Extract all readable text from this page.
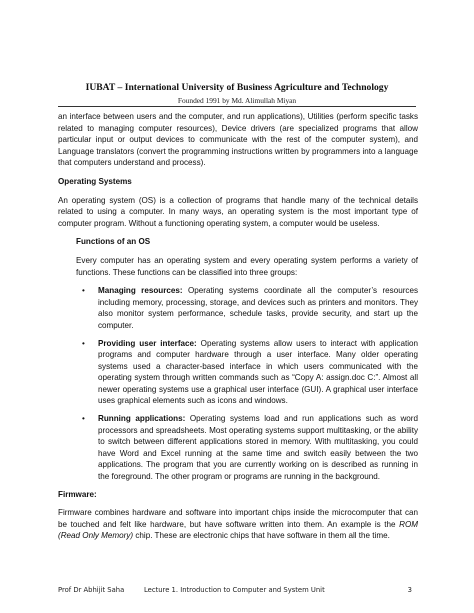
IUBAT – International University of Business Agriculture and Technology
Founded 1991 by Md. Alimullah Miyan

an interface between users and the computer, and run applications), Utilities (perform specific tasks related to managing computer resources), Device drivers (are specialized programs that allow particular input or output devices to communicate with the rest of the computer system), and Language translators (convert the programming instructions written by programmers into a language that computers understand and process).

Operating Systems

An operating system (OS) is a collection of programs that handle many of the technical details related to using a computer. In many ways, an operating system is the most important type of computer program. Without a functioning operating system, a computer would be useless.

Functions of an OS

Every computer has an operating system and every operating system performs a variety of functions. These functions can be classified into three groups:

• Managing resources: Operating systems coordinate all the computer’s resources including memory, processing, storage, and devices such as printers and monitors. They also monitor system performance, schedule tasks, provide security, and start up the computer.
• Providing user interface: Operating systems allow users to interact with application programs and computer hardware through a user interface. Many older operating systems used a character-based interface in which users communicated with the operating system through written commands such as “Copy A: assign.doc C:”. Almost all newer operating systems use a graphical user interface (GUI). A graphical user interface uses graphical elements such as icons and windows.
• Running applications: Operating systems load and run applications such as word processors and spreadsheets. Most operating systems support multitasking, or the ability to switch between different applications stored in memory. With multitasking, you could have Word and Excel running at the same time and switch easily between the two applications. The program that you are currently working on is described as running in the foreground. The other program or programs are running in the background.

Firmware:

Firmware combines hardware and software into important chips inside the microcomputer that can be touched and felt like hardware, but have software written into them. An example is the ROM (Read Only Memory) chip. These are electronic chips that have software in them all the time.

Prof Dr Abhijit Saha	Lecture 1. Introduction to Computer and System Unit	3
